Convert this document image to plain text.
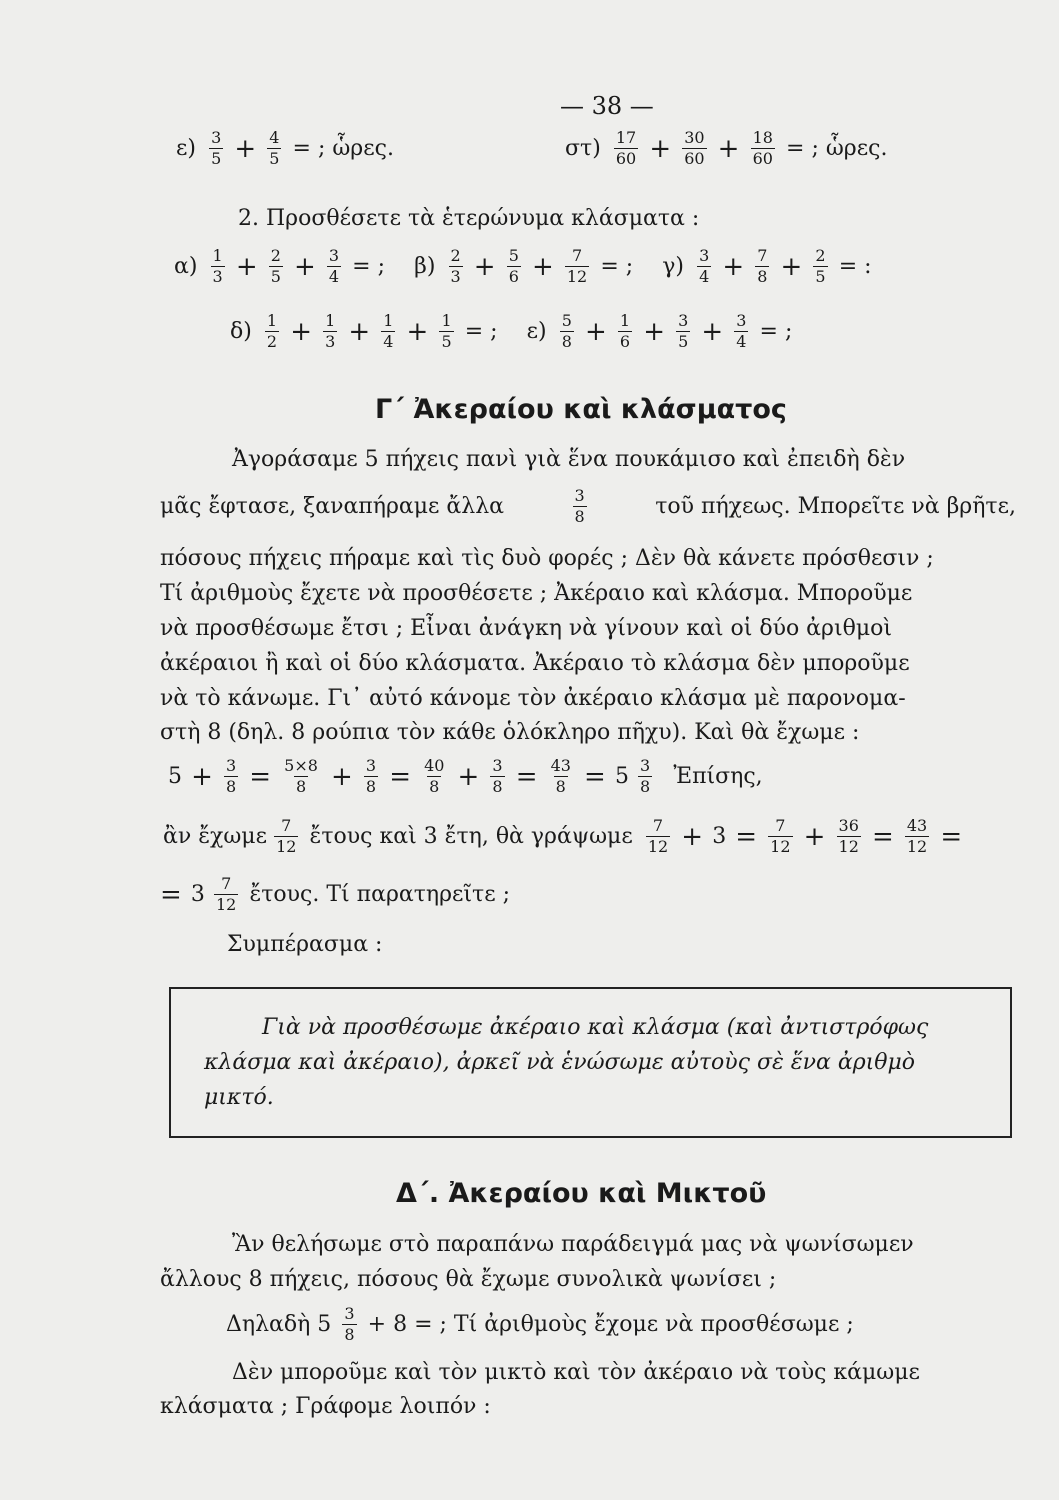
— 38 —
$\varepsilon) \frac{3}{5} + \frac{4}{5}$ = ; ὧρες.	$\sigma\tau) \frac{17}{60} + \frac{30}{60} + \frac{18}{60}$ = ; ὧρες.
2. Προσθέσετε τὰ ἑτερώνυμα κλάσματα :
$\alpha) \frac{1}{3} + \frac{2}{5} + \frac{3}{4}$ = ; $\beta) \frac{2}{3} + \frac{5}{6} + \frac{7}{12}$ = ; $\gamma) \frac{3}{4} + \frac{7}{8} + \frac{2}{5}$ = :
$\delta) \frac{1}{2} + \frac{1}{3} + \frac{1}{4} + \frac{1}{5}$ = ; $\varepsilon) \frac{5}{8} + \frac{1}{6} + \frac{3}{5} + \frac{3}{4}$ = ;
Γ΄ Ἀκεραίου καὶ κλάσματος
Ἀγοράσαμε 5 πήχεις πανὶ γιὰ ἕνα πουκάμισο καὶ ἐπειδὴ δὲν
μᾶς ἔφτασε, ξαναπήραμε ἄλλα	3
8	τοῦ πήχεως. Μπορεῖτε νὰ βρῆτε,
πόσους πήχεις πήραμε καὶ τὶς δυὸ φορές ; Δὲν θὰ κάνετε πρόσθεσιν ;
Τί ἀριθμοὺς ἔχετε νὰ προσθέσετε ; Ἀκέραιο καὶ κλάσμα. Μποροῦμε
νὰ προσθέσωμε ἔτσι ; Εἶναι ἀνάγκη νὰ γίνουν καὶ οἱ δύο ἀριθμοὶ
ἀκέραιοι ἢ καὶ οἱ δύο κλάσματα. Ἀκέραιο τὸ κλάσμα δὲν μποροῦμε
νὰ τὸ κάνωμε. Γι᾽ αὐτό κάνομε τὸν ἀκέραιο κλάσμα μὲ παρονομα-
στὴ 8 (δηλ. 8 ρούπια τὸν κάθε ὁλόκληρο πῆχυ). Καὶ θὰ ἔχωμε :
$5 + \frac{3}{8} = \frac{5\times 8}{8} + \frac{3}{8} = \frac{40}{8} + \frac{3}{8} = \frac{43}{8} = 5 \frac{3}{8}$ Ἐπίσης,
ἂν ἔχωμε $\frac{7}{12}$ ἔτους καὶ 3 ἔτη, θὰ γράψωμε $\frac{7}{12} + 3 = \frac{7}{12} + \frac{36}{12} = \frac{43}{12}$ =
= $3 \frac{7}{12}$ ἔτους. Τί παρατηρεῖτε ;
Συμπέρασμα :
Γιὰ νὰ προσθέσωμε ἀκέραιο καὶ κλάσμα (καὶ ἀντιστρόφως
κλάσμα καὶ ἀκέραιο), ἀρκεῖ νὰ ἑνώσωμε αὐτοὺς σὲ ἕνα ἀριθμὸ
μικτό.
Δ΄. Ἀκεραίου καὶ Μικτοῦ
Ἂν θελήσωμε στὸ παραπάνω παράδειγμά μας νὰ ψωνίσωμεν
ἄλλους 8 πήχεις, πόσους θὰ ἔχωμε συνολικὰ ψωνίσει ;
Δηλαδὴ $5 \frac{3}{8} + 8$ = ; Τί ἀριθμοὺς ἔχομε νὰ προσθέσωμε ;
Δὲν μποροῦμε καὶ τὸν μικτὸ καὶ τὸν ἀκέραιο νὰ τοὺς κάμωμε
κλάσματα ; Γράφομε λοιπόν :
